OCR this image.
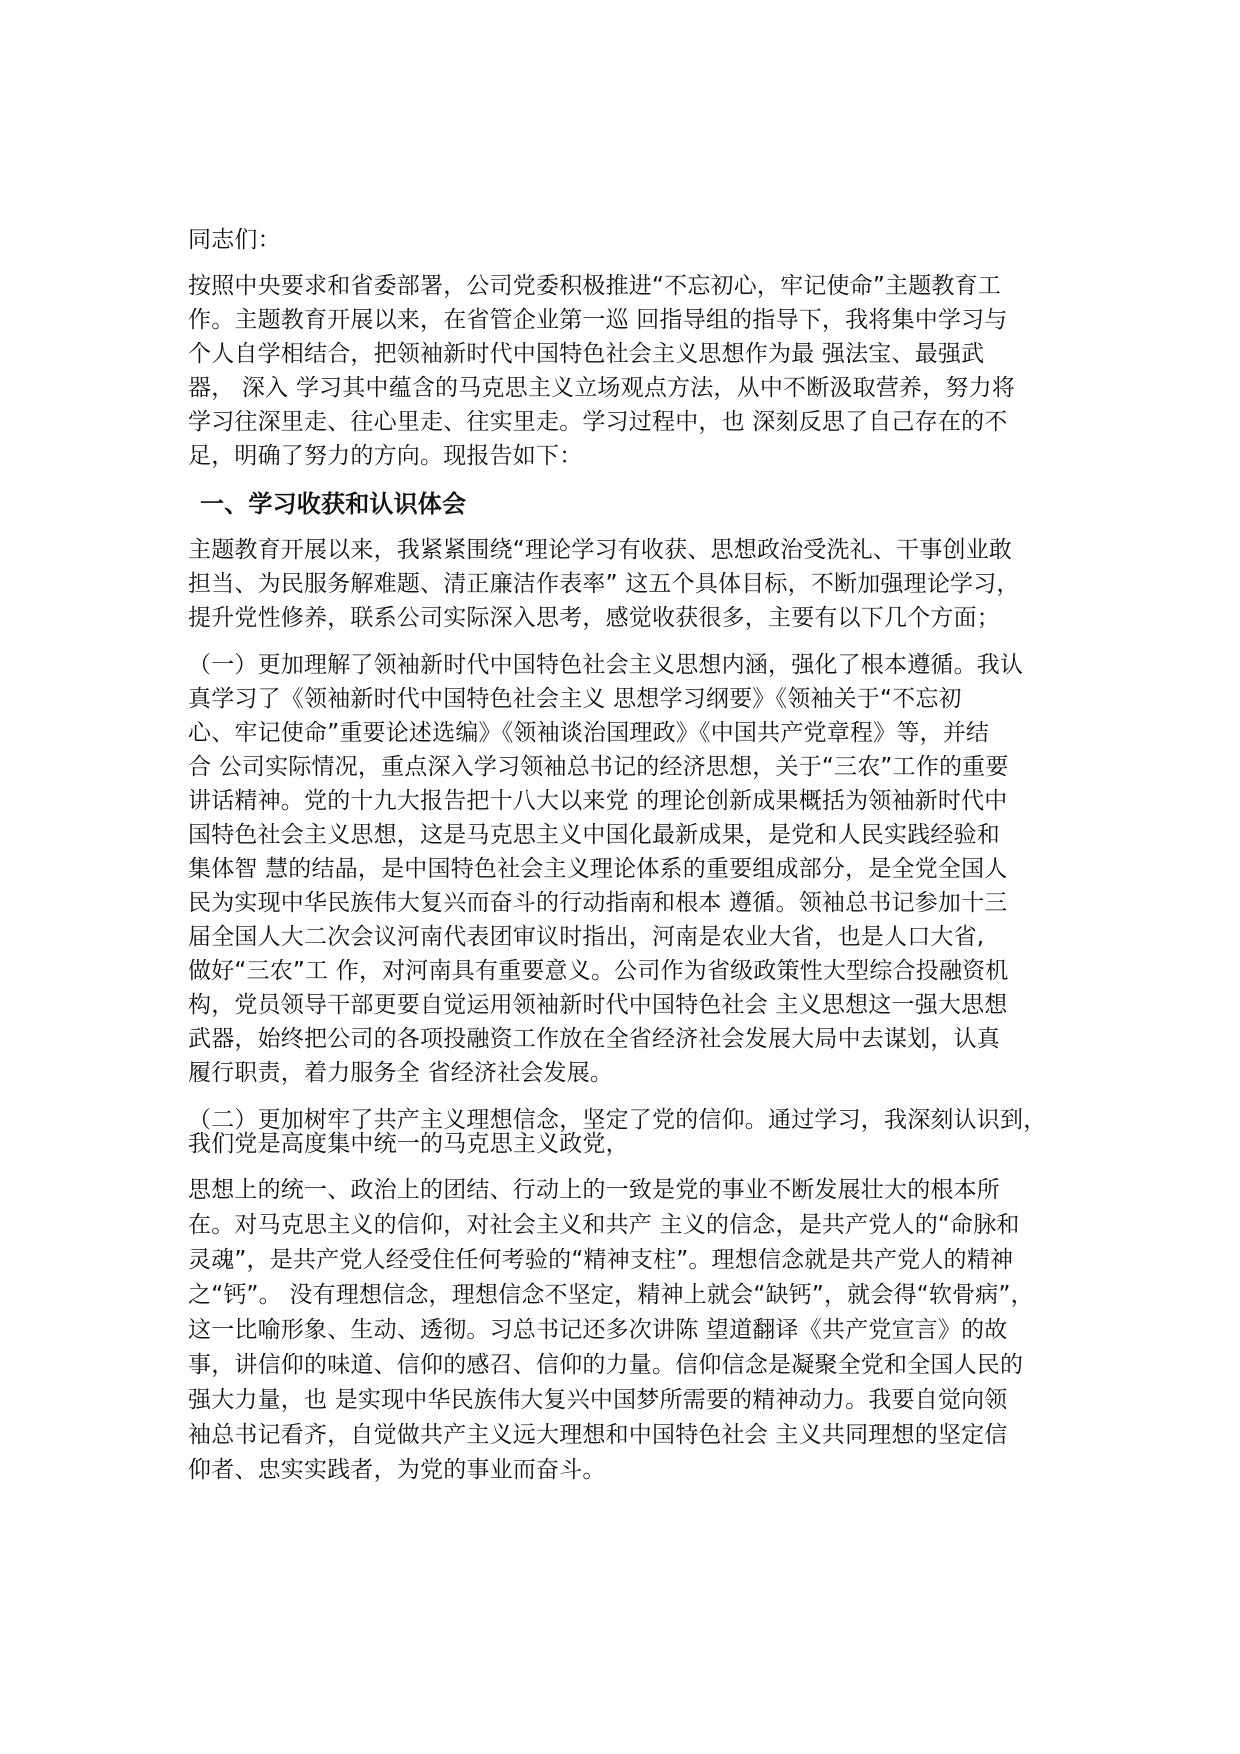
同志们：
按照中央要求和省委部署，公司党委积极推进“不忘初心，牢记使命”主题教育工
作。主题教育开展以来，在省管企业第一巡 回指导组的指导下，我将集中学习与
个人自学相结合，把领袖新时代中国特色社会主义思想作为最 强法宝、最强武
器， 深入 学习其中蕴含的马克思主义立场观点方法，从中不断汲取营养，努力将
学习往深里走、往心里走、往实里走。学习过程中，也 深刻反思了自己存在的不
足，明确了努力的方向。现报告如下：
一、学习收获和认识体会
主题教育开展以来，我紧紧围绕“理论学习有收获、思想政治受洗礼、干事创业敢
担当、为民服务解难题、清正廉洁作表率” 这五个具体目标，不断加强理论学习，
提升党性修养，联系公司实际深入思考，感觉收获很多，主要有以下几个方面；
（一）更加理解了领袖新时代中国特色社会主义思想内涵，强化了根本遵循。我认
真学习了《领袖新时代中国特色社会主义 思想学习纲要》《领袖关于“不忘初
心、牢记使命”重要论述选编》《领袖谈治国理政》《中国共产党章程》等，并结
合 公司实际情况，重点深入学习领袖总书记的经济思想，关于“三农”工作的重要
讲话精神。党的十九大报告把十八大以来党 的理论创新成果概括为领袖新时代中
国特色社会主义思想，这是马克思主义中国化最新成果，是党和人民实践经验和
集体智 慧的结晶，是中国特色社会主义理论体系的重要组成部分，是全党全国人
民为实现中华民族伟大复兴而奋斗的行动指南和根本 遵循。领袖总书记参加十三
届全国人大二次会议河南代表团审议时指出，河南是农业大省，也是人口大省,
做好“三农”工 作，对河南具有重要意义。公司作为省级政策性大型综合投融资机
构，党员领导干部更要自觉运用领袖新时代中国特色社会 主义思想这一强大思想
武器，始终把公司的各项投融资工作放在全省经济社会发展大局中去谋划，认真
履行职责，着力服务全 省经济社会发展。
（二）更加树牢了共产主义理想信念，坚定了党的信仰。通过学习，我深刻认识到，
我们党是高度集中统一的马克思主义政党，
思想上的统一、政治上的团结、行动上的一致是党的事业不断发展壮大的根本所
在。对马克思主义的信仰，对社会主义和共产 主义的信念，是共产党人的“命脉和
灵魂”，是共产党人经受住任何考验的“精神支柱”。理想信念就是共产党人的精神
之“钙”。 没有理想信念，理想信念不坚定，精神上就会“缺钙”，就会得“软骨病”，
这一比喻形象、生动、透彻。习总书记还多次讲陈 望道翻译《共产党宣言》的故
事，讲信仰的味道、信仰的感召、信仰的力量。信仰信念是凝聚全党和全国人民的
强大力量，也 是实现中华民族伟大复兴中国梦所需要的精神动力。我要自觉向领
袖总书记看齐，自觉做共产主义远大理想和中国特色社会 主义共同理想的坚定信
仰者、忠实实践者，为党的事业而奋斗。
